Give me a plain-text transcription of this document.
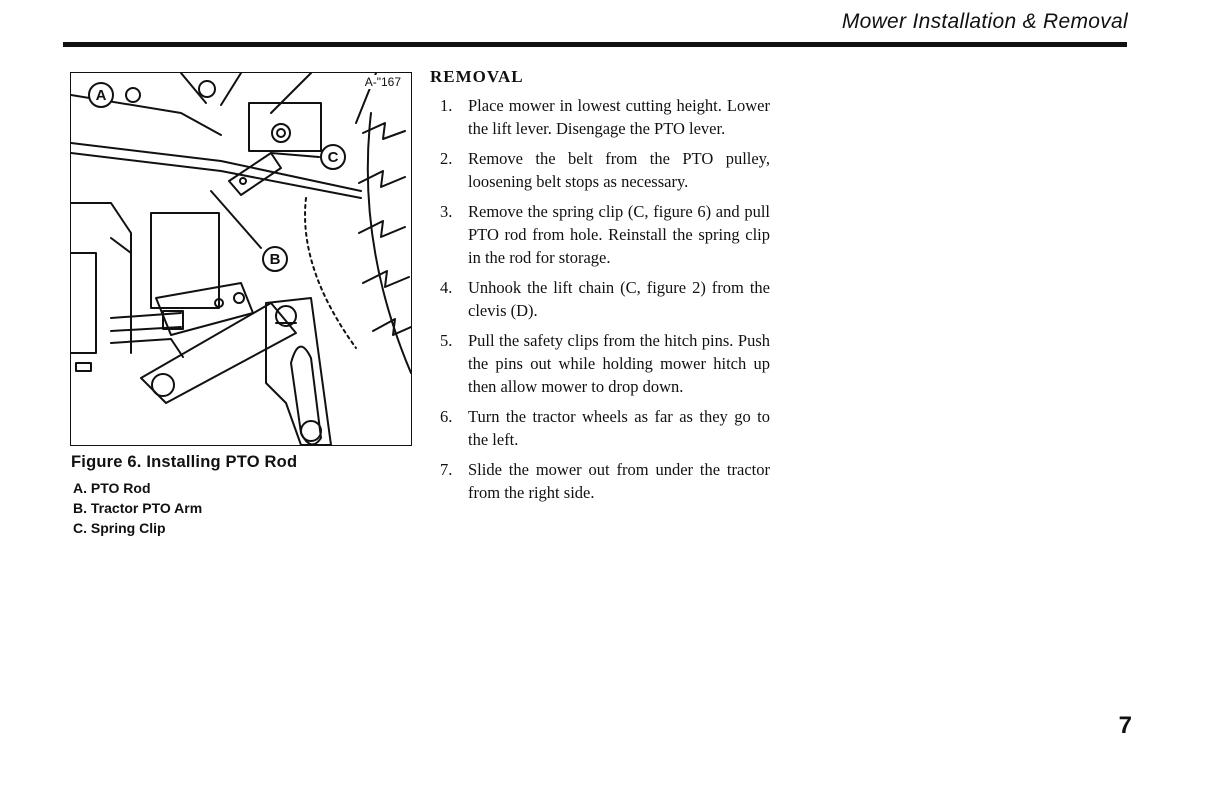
Mower Installation & Removal
A
C
B
A-"167

Figure 6. Installing PTO Rod

A. PTO Rod
B. Tractor PTO Arm
C. Spring Clip
REMOVAL
1. Place mower in lowest cutting height. Lower the lift lever. Disengage the PTO lever.
2. Remove the belt from the PTO pulley, loosening belt stops as necessary.
3. Remove the spring clip (C, figure 6) and pull PTO rod from hole. Reinstall the spring clip in the rod for storage.
4. Unhook the lift chain (C, figure 2) from the clevis (D).
5. Pull the safety clips from the hitch pins. Push the pins out while holding mower hitch up then allow mower to drop down.
6. Turn the tractor wheels as far as they go to the left.
7. Slide the mower out from under the tractor from the right side.
7
